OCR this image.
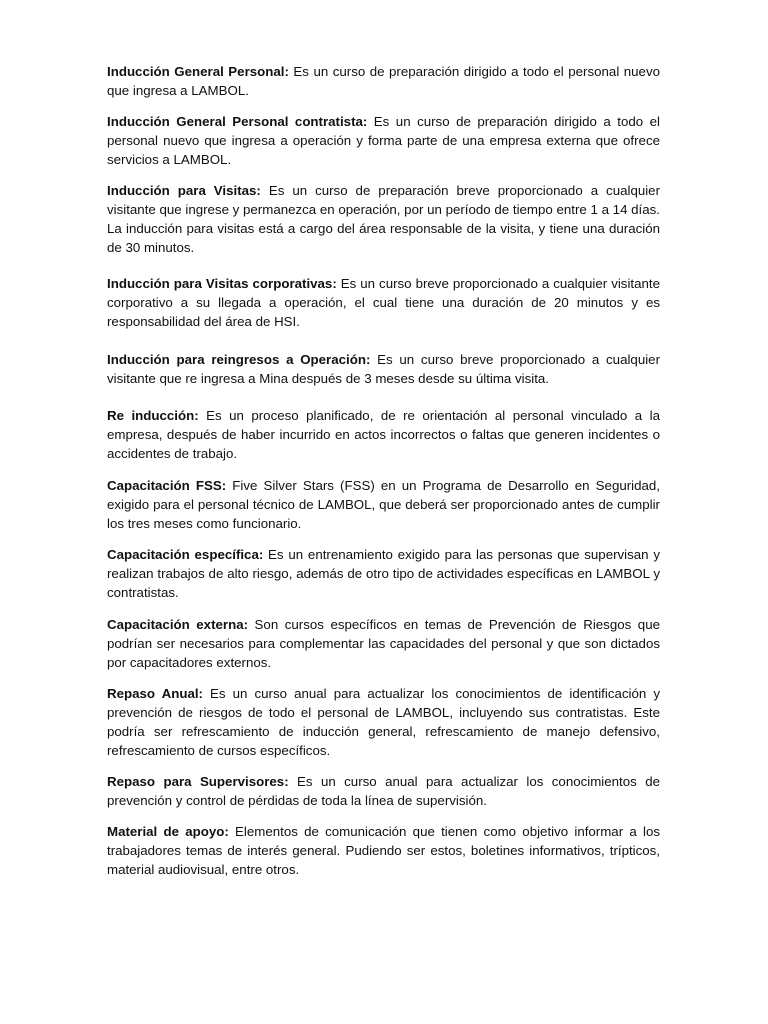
Inducción General Personal: Es un curso de preparación dirigido a todo el personal nuevo que ingresa a LAMBOL.

Inducción General Personal contratista: Es un curso de preparación dirigido a todo el personal nuevo que ingresa a operación y forma parte de una empresa externa que ofrece servicios a LAMBOL.

Inducción para Visitas: Es un curso de preparación breve proporcionado a cualquier visitante que ingrese y permanezca en operación, por un período de tiempo entre 1 a 14 días. La inducción para visitas está a cargo del área responsable de la visita, y tiene una duración de 30 minutos.

Inducción para Visitas corporativas: Es un curso breve proporcionado a cualquier visitante corporativo a su llegada a operación, el cual tiene una duración de 20 minutos y es responsabilidad del área de HSI.

Inducción para reingresos a Operación: Es un curso breve proporcionado a cualquier visitante que re ingresa a Mina después de 3 meses desde su última visita.

Re inducción: Es un proceso planificado, de re orientación al personal vinculado a la empresa, después de haber incurrido en actos incorrectos o faltas que generen incidentes o accidentes de trabajo.

Capacitación FSS: Five Silver Stars (FSS) en un Programa de Desarrollo en Seguridad, exigido para el personal técnico de LAMBOL, que deberá ser proporcionado antes de cumplir los tres meses como funcionario.

Capacitación específica: Es un entrenamiento exigido para las personas que supervisan y realizan trabajos de alto riesgo, además de otro tipo de actividades específicas en LAMBOL y contratistas.

Capacitación externa: Son cursos específicos en temas de Prevención de Riesgos que podrían ser necesarios para complementar las capacidades del personal y que son dictados por capacitadores externos.

Repaso Anual: Es un curso anual para actualizar los conocimientos de identificación y prevención de riesgos de todo el personal de LAMBOL, incluyendo sus contratistas. Este podría ser refrescamiento de inducción general, refrescamiento de manejo defensivo, refrescamiento de cursos específicos.

Repaso para Supervisores: Es un curso anual para actualizar los conocimientos de prevención y control de pérdidas de toda la línea de supervisión.

Material de apoyo: Elementos de comunicación que tienen como objetivo informar a los trabajadores temas de interés general. Pudiendo ser estos, boletines informativos, trípticos, material audiovisual, entre otros.
